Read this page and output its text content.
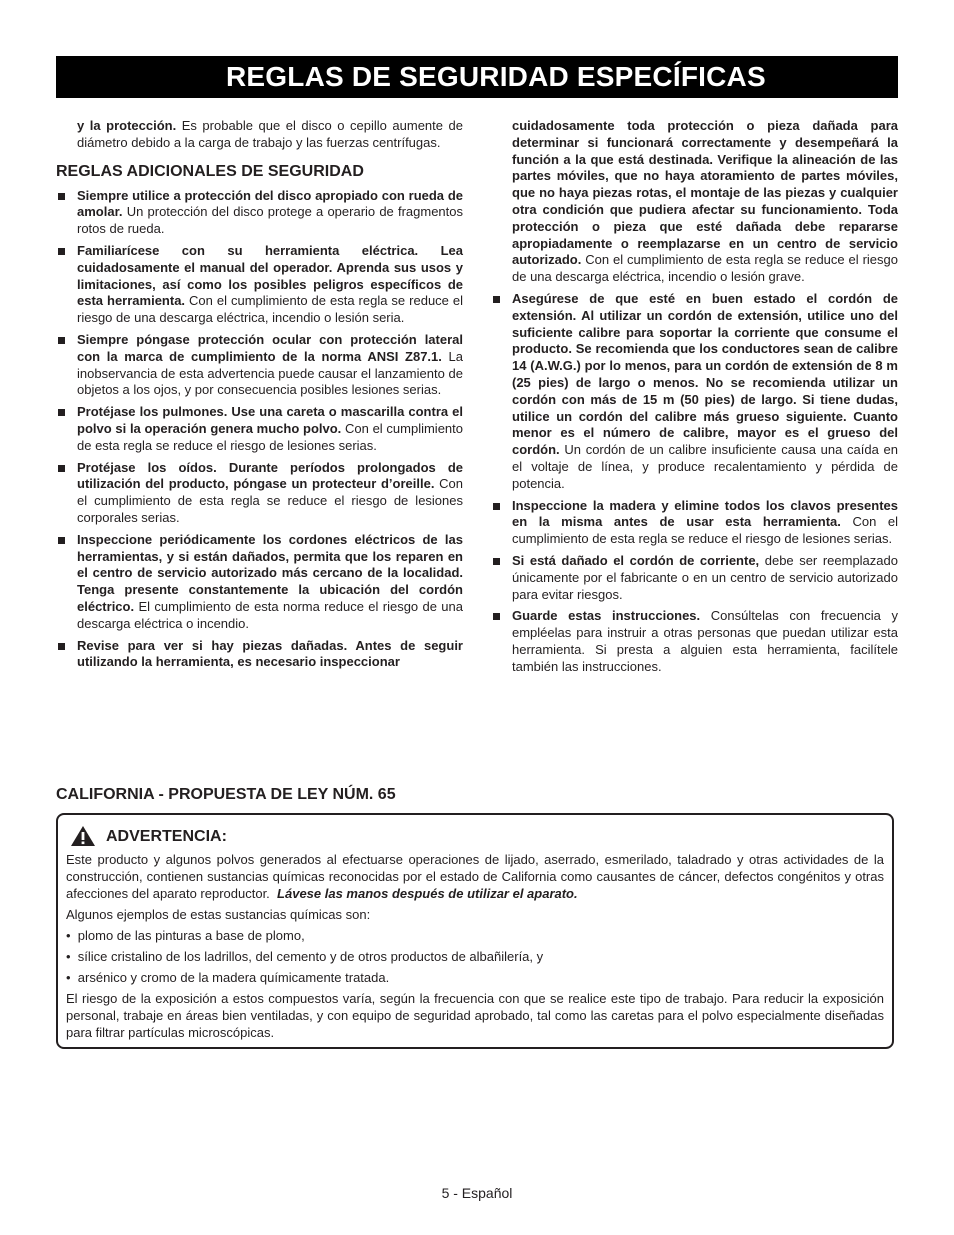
REGLAS DE SEGURIDAD ESPECÍFICAS

y la protección. Es probable que el disco o cepillo aumente de diámetro debido a la carga de trabajo y las fuerzas centrífugas.

REGLAS ADICIONALES DE SEGURIDAD
Siempre utilice a protección del disco apropiado con rueda de amolar. Un protección del disco protege a operario de fragmentos rotos de rueda.
Familiarícese con su herramienta eléctrica. Lea cuidadosamente el manual del operador. Aprenda sus usos y limitaciones, así como los posibles peligros específicos de esta herramienta. Con el cumplimiento de esta regla se reduce el riesgo de una descarga eléctrica, incendio o lesión seria.
Siempre póngase protección ocular con protección lateral con la marca de cumplimiento de la norma ANSI Z87.1. La inobservancia de esta advertencia puede causar el lanzamiento de objetos a los ojos, y por consecuencia posibles lesiones serias.
Protéjase los pulmones. Use una careta o mascarilla contra el polvo si la operación genera mucho polvo. Con el cumplimiento de esta regla se reduce el riesgo de lesiones serias.
Protéjase los oídos. Durante períodos prolongados de utilización del producto, póngase un protecteur d’oreille. Con el cumplimiento de esta regla se reduce el riesgo de lesiones corporales serias.
Inspeccione periódicamente los cordones eléctricos de las herramientas, y si están dañados, permita que los reparen en el centro de servicio autorizado más cercano de la localidad. Tenga presente constantemente la ubicación del cordón eléctrico. El cumplimiento de esta norma reduce el riesgo de una descarga eléctrica o incendio.
Revise para ver si hay piezas dañadas. Antes de seguir utilizando la herramienta, es necesario inspeccionar

cuidadosamente toda protección o pieza dañada para determinar si funcionará correctamente y desempeñará la función a la que está destinada. Verifique la alineación de las partes móviles, que no haya atoramiento de partes móviles, que no haya piezas rotas, el montaje de las piezas y cualquier otra condición que pudiera afectar su funcionamiento. Toda protección o pieza que esté dañada debe repararse apropiadamente o reemplazarse en un centro de servicio autorizado. Con el cumplimiento de esta regla se reduce el riesgo de una descarga eléctrica, incendio o lesión grave.

Asegúrese de que esté en buen estado el cordón de extensión. Al utilizar un cordón de extensión, utilice uno del suficiente calibre para soportar la corriente que consume el producto. Se recomienda que los conductores sean de calibre 14 (A.W.G.) por lo menos, para un cordón de extensión de 8 m (25 pies) de largo o menos. No se recomienda utilizar un cordón con más de 15 m (50 pies) de largo. Si tiene dudas, utilice un cordón del calibre más grueso siguiente. Cuanto menor es el número de calibre, mayor es el grueso del cordón. Un cordón de un calibre insuficiente causa una caída en el voltaje de línea, y produce recalentamiento y pérdida de potencia.
Inspeccione la madera y elimine todos los clavos presentes en la misma antes de usar esta herramienta. Con el cumplimiento de esta regla se reduce el riesgo de lesiones serias.
Si está dañado el cordón de corriente, debe ser reemplazado únicamente por el fabricante o en un centro de servicio autorizado para evitar riesgos.
Guarde estas instrucciones. Consúltelas con frecuencia y empléelas para instruir a otras personas que puedan utilizar esta herramienta. Si presta a alguien esta herramienta, facilítele también las instrucciones.
CALIFORNIA - PROPUESTA DE LEY NÚM. 65
ADVERTENCIA:

Este producto y algunos polvos generados al efectuarse operaciones de lijado, aserrado, esmerilado, taladrado y otras actividades de la construcción, contienen sustancias químicas reconocidas por el estado de California como causantes de cáncer, defectos congénitos y otras afecciones del aparato reproductor. Lávese las manos después de utilizar el aparato.

Algunos ejemplos de estas sustancias químicas son:

•  plomo de las pinturas a base de plomo,

•  sílice cristalino de los ladrillos, del cemento y de otros productos de albañilería, y

•  arsénico y cromo de la madera químicamente tratada.

El riesgo de la exposición a estos compuestos varía, según la frecuencia con que se realice este tipo de trabajo. Para reducir la exposición personal, trabaje en áreas bien ventiladas, y con equipo de seguridad aprobado, tal como las caretas para el polvo especialmente diseñadas para filtrar partículas microscópicas.

5 - Español
